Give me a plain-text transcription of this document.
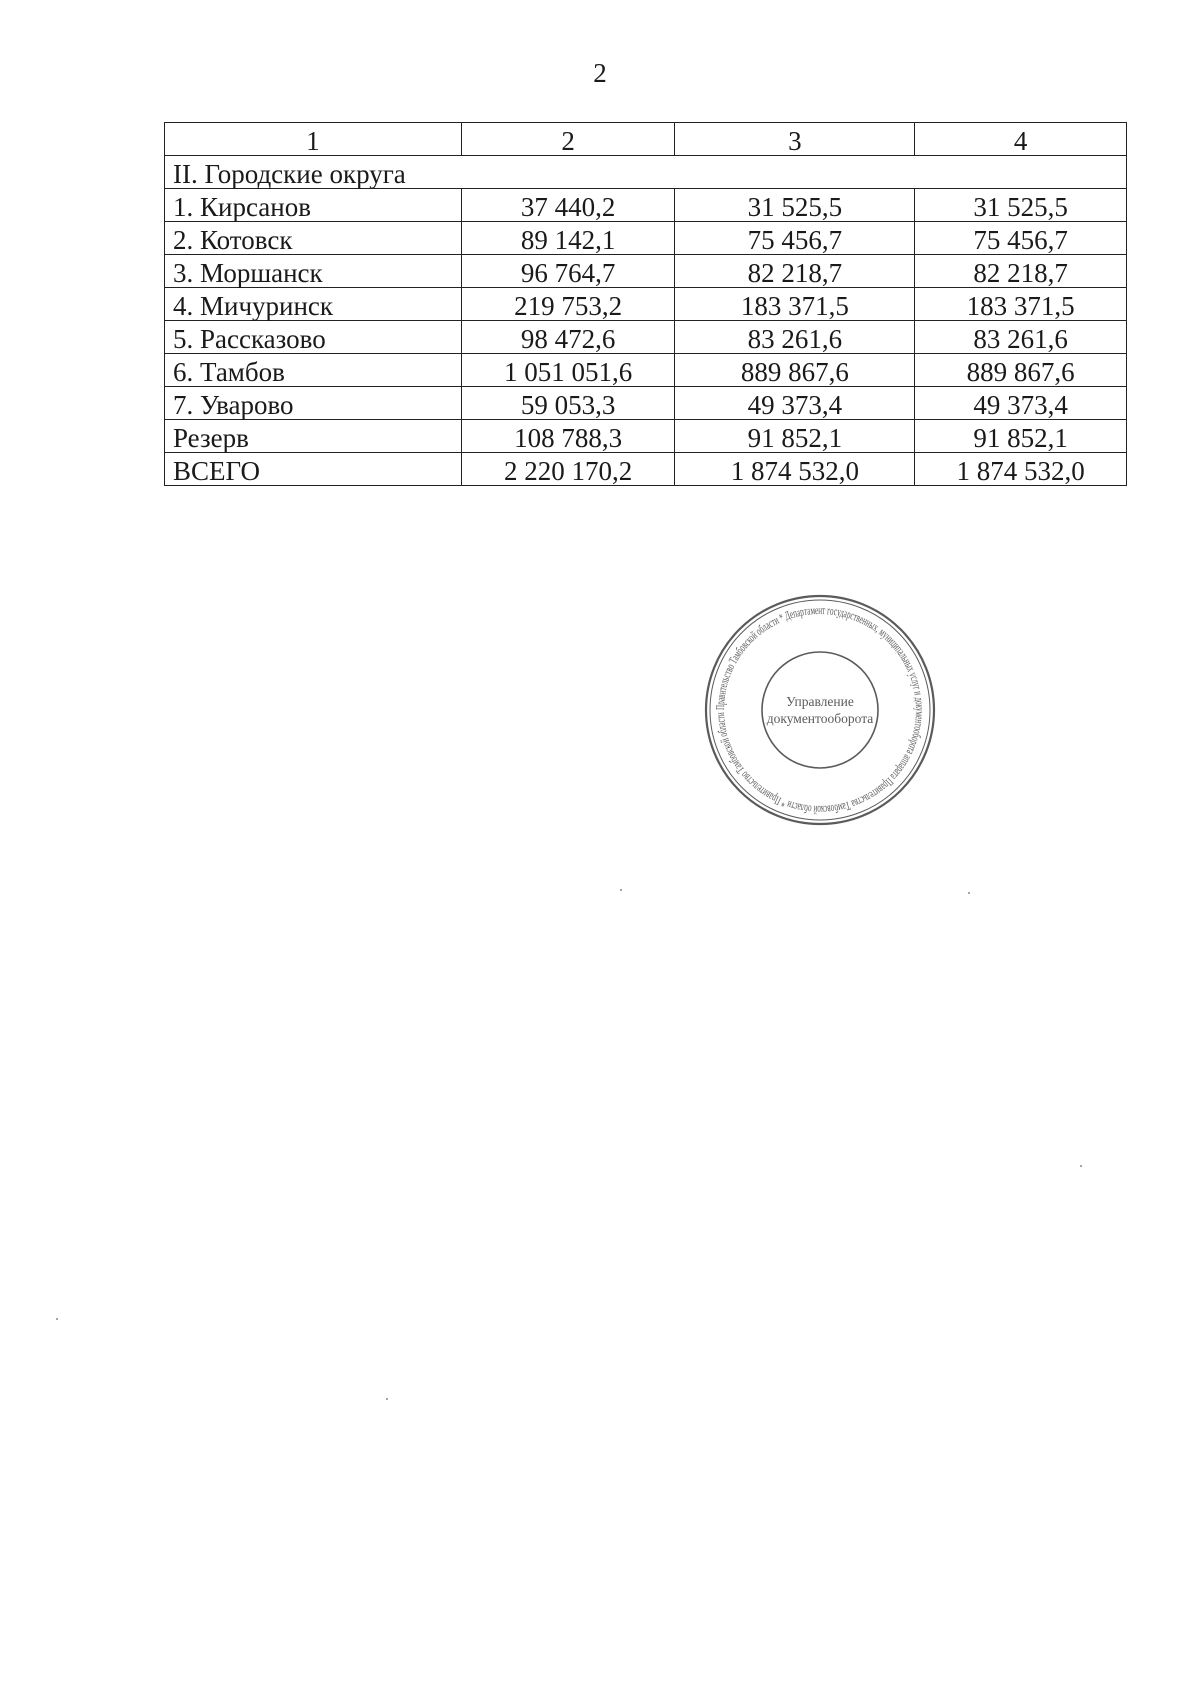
2
1	2	3	4
II. Городские округа			
1. Кирсанов	37 440,2	31 525,5	31 525,5
2. Котовск	89 142,1	75 456,7	75 456,7
3. Моршанск	96 764,7	82 218,7	82 218,7
4. Мичуринск	219 753,2	183 371,5	183 371,5
5. Рассказово	98 472,6	83 261,6	83 261,6
6. Тамбов	1 051 051,6	889 867,6	889 867,6
7. Уварово	59 053,3	49 373,4	49 373,4
Резерв	108 788,3	91 852,1	91 852,1
ВСЕГО	2 220 170,2	1 874 532,0	1 874 532,0
Правительство Тамбовской области * Департамент государственных, муниципальных услуг и документооборота аппарата Правительства Тамбовской области * Правительство Тамбовской области
Управление
документооборота
